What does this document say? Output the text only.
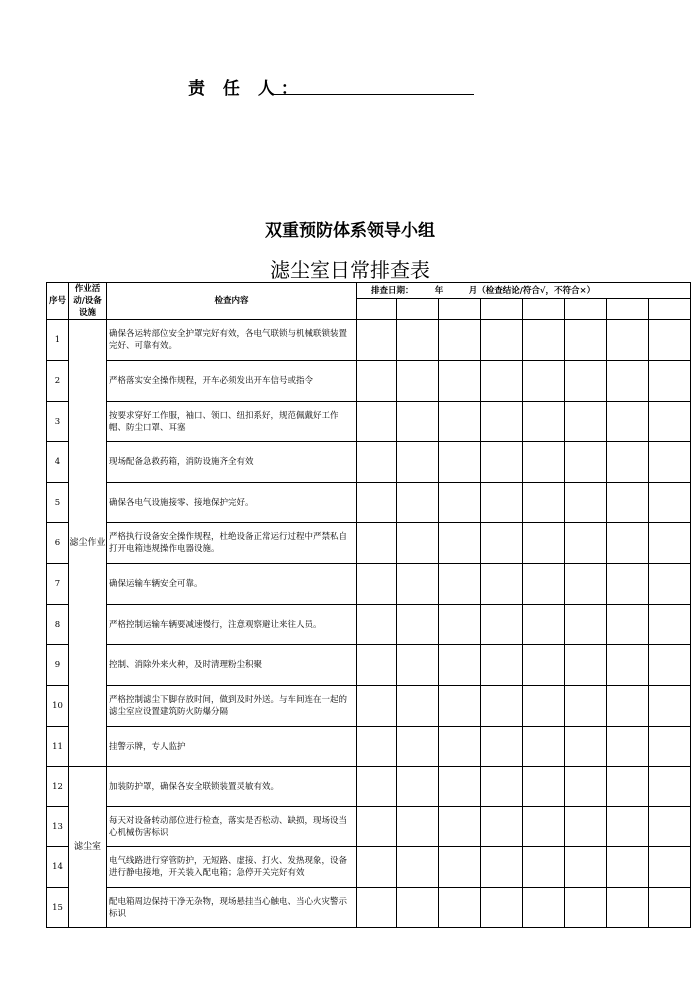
责 任 人：
双重预防体系领导小组
滤尘室日常排查表
序号	作业活动/设备设施	检查内容	排查日期：　　　年　　　月（检查结论/符合√，不符合×）							

1	滤尘作业	确保各运转部位安全护罩完好有效，各电气联锁与机械联锁装置完好、可靠有效。								
2		严格落实安全操作规程，开车必须发出开车信号或指令								
3		按要求穿好工作服，袖口、领口、纽扣系好，规范佩戴好工作帽、防尘口罩、耳塞								
4		现场配备急救药箱，消防设施齐全有效								
5		确保各电气设施接零、接地保护完好。								
6		严格执行设备安全操作规程，杜绝设备正常运行过程中严禁私自打开电箱违规操作电器设施。								
7		确保运输车辆安全可靠。								
8		严格控制运输车辆要减速慢行，注意观察避让来往人员。								
9		控制、消除外来火种，及时清理粉尘积聚								
10		严格控制滤尘下脚存放时间，做到及时外送。与车间连在一起的滤尘室应设置建筑防火防爆分隔								
11		挂警示牌，专人监护								
12	滤尘室	加装防护罩，确保各安全联锁装置灵敏有效。								
13		每天对设备转动部位进行检查，落实是否松动、缺损，现场设当心机械伤害标识								
14		电气线路进行穿管防护，无短路、虚接、打火、发热现象，设备进行静电接地，开关装入配电箱；急停开关完好有效								
15		配电箱周边保持干净无杂物，现场悬挂当心触电、当心火灾警示标识								
